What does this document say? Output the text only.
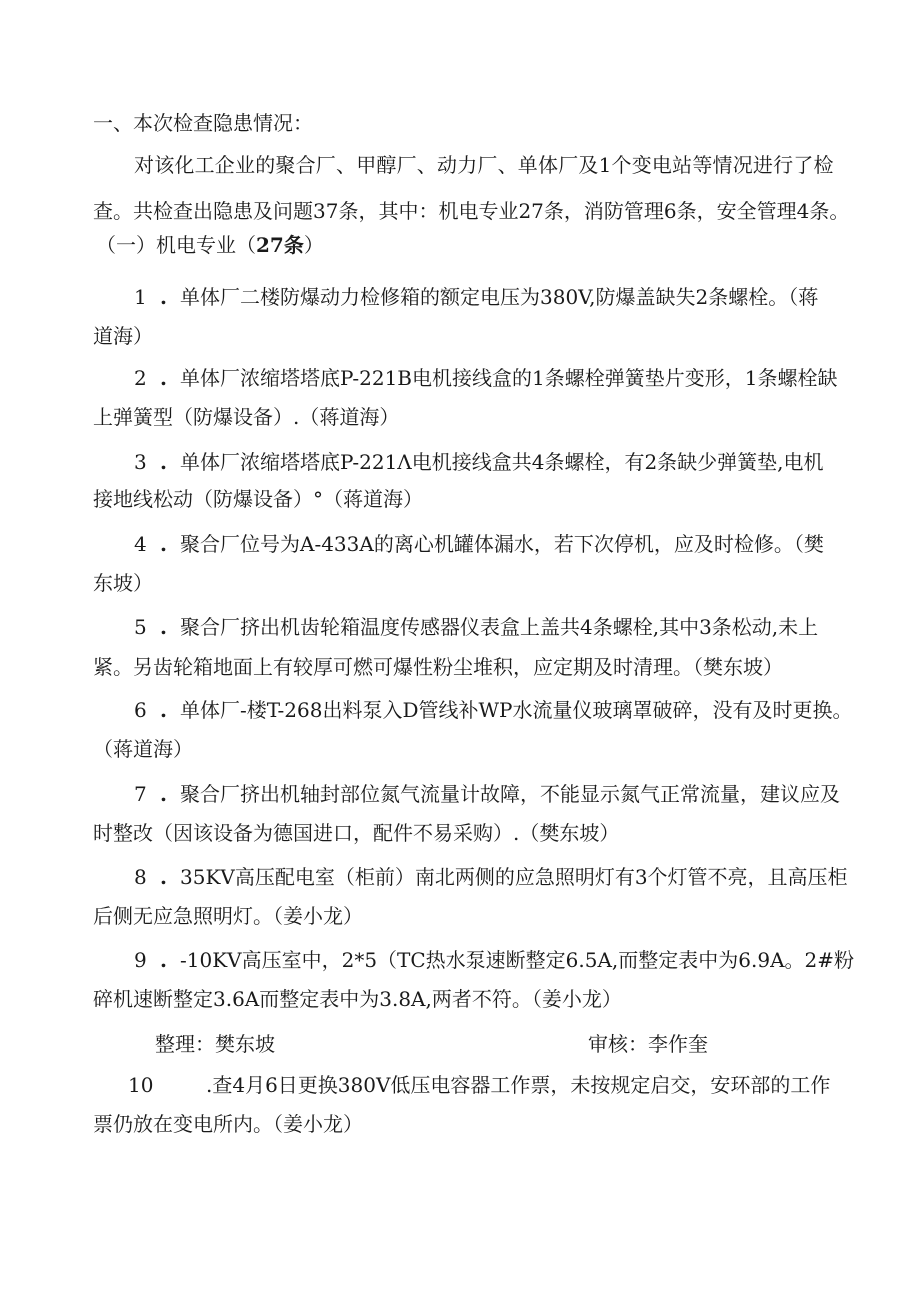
一、本次检查隐患情况：
对该化工企业的聚合厂、甲醇厂、动力厂、单体厂及1个变电站等情况进行了检
查。共检查出隐患及问题37条，其中：机电专业27条，消防管理6条，安全管理4条。
（一）机电专业（27条）
1 . 单体厂二楼防爆动力检修箱的额定电压为380V,防爆盖缺失2条螺栓。（蒋
道海）
2 . 单体厂浓缩塔塔底P-221B电机接线盒的1条螺栓弹簧垫片变形，1条螺栓缺
上弹簧型（防爆设备）.（蒋道海）
3 . 单体厂浓缩塔塔底P-221Λ电机接线盒共4条螺栓，有2条缺少弹簧垫,电机
接地线松动（防爆设备）°（蒋道海）
4 . 聚合厂位号为A-433A的离心机罐体漏水，若下次停机，应及时检修。（樊
东坡）
5 . 聚合厂挤出机齿轮箱温度传感器仪表盒上盖共4条螺栓,其中3条松动,未上
紧。另齿轮箱地面上有较厚可燃可爆性粉尘堆积，应定期及时清理。（樊东坡）
6 . 单体厂-楼T-268出料泵入D管线补WP水流量仪玻璃罩破碎，没有及时更换。
（蒋道海）
7 . 聚合厂挤出机轴封部位氮气流量计故障，不能显示氮气正常流量，建议应及
时整改（因该设备为德国进口，配件不易采购）.（樊东坡）
8 . 35KV高压配电室（柜前）南北两侧的应急照明灯有3个灯管不亮，且高压柜
后侧无应急照明灯。（姜小龙）
9 . -10KV高压室中，2*5（TC热水泵速断整定6.5A,而整定表中为6.9A。2#粉
碎机速断整定3.6A而整定表中为3.8A,两者不符。（姜小龙）
整理：樊东坡	审核：李作奎
10	.查4月6日更换380V低压电容器工作票，未按规定启交，安环部的工作
票仍放在变电所内。（姜小龙）
